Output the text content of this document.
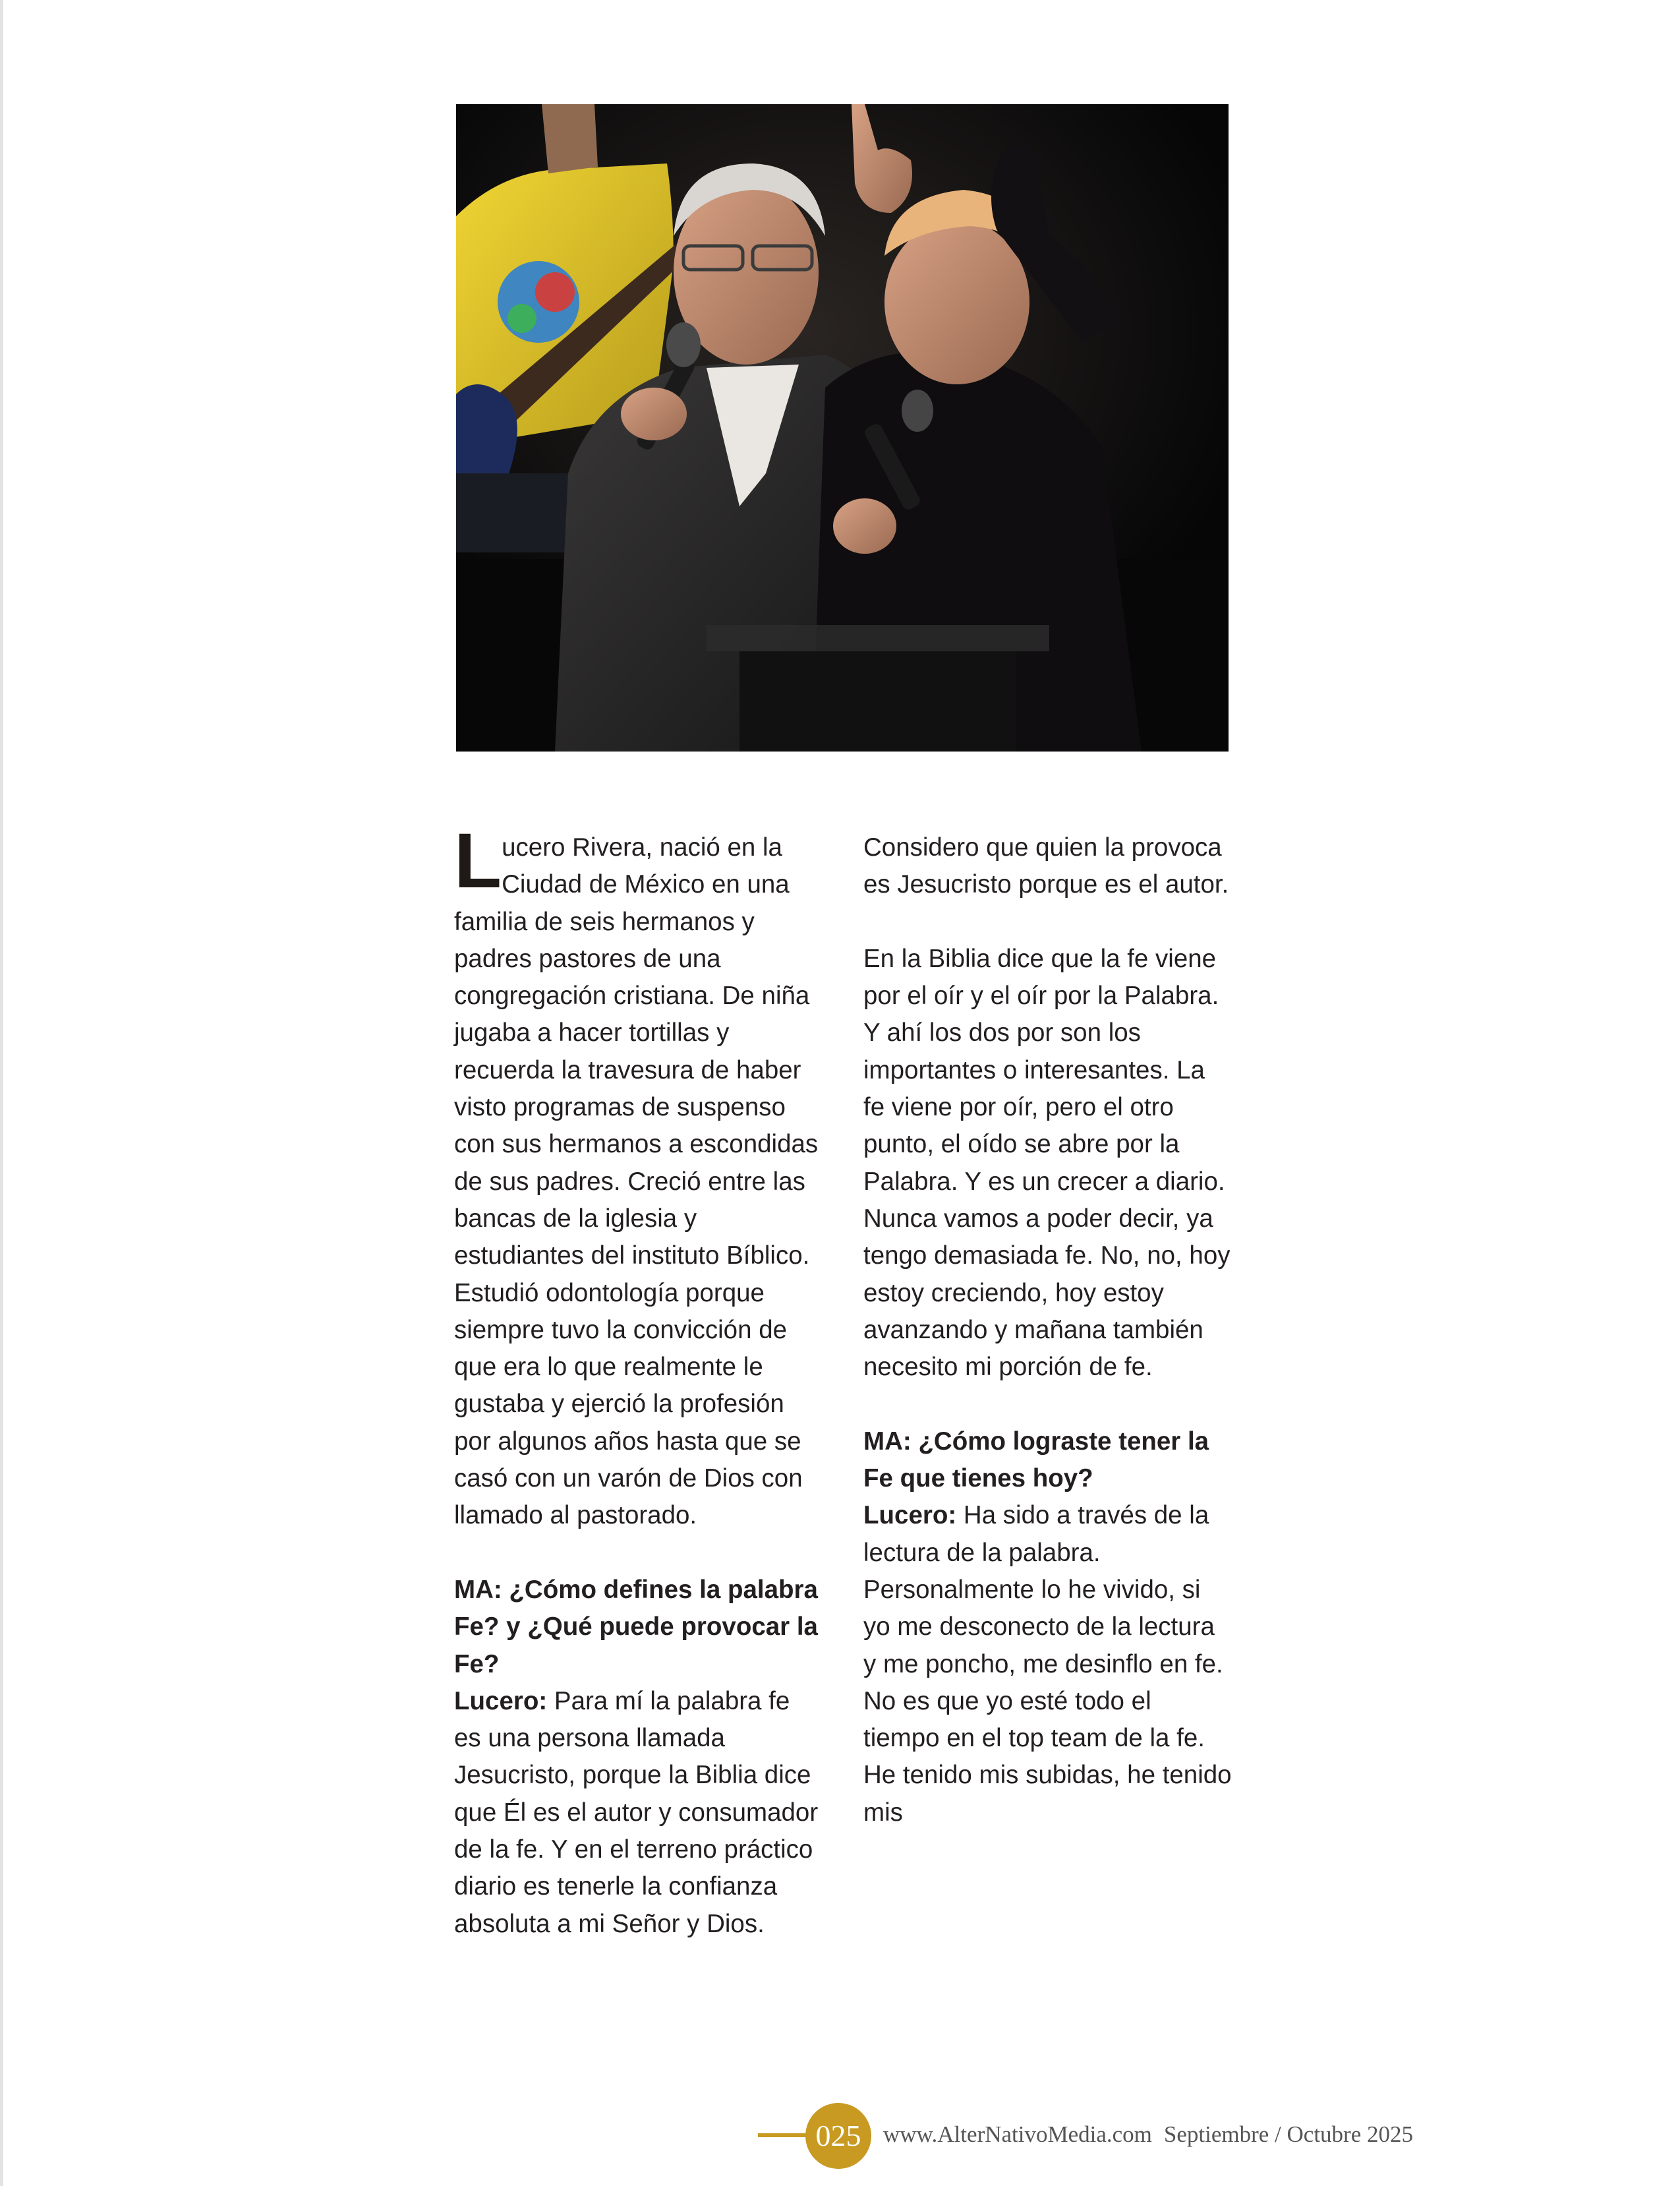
Lucero Rivera, nació en la Ciudad de México en una familia de seis hermanos y padres pastores de una congregación cristiana. De niña jugaba a hacer tortillas y recuerda la travesura de haber visto programas de suspenso con sus hermanos a escondidas de sus padres. Creció entre las bancas de la iglesia y estudiantes del instituto Bíblico. Estudió odontología porque siempre tuvo la convicción de que era lo que realmente le gustaba y ejerció la profesión por algunos años hasta que se casó con un varón de Dios con llamado al pastorado.

MA: ¿Cómo defines la palabra Fe? y ¿Qué puede provocar la Fe?

Lucero: Para mí la palabra fe es una persona llamada Jesucristo, porque la Biblia dice que Él es el autor y consumador de la fe. Y en el terreno práctico diario es tenerle la confianza absoluta a mi Señor y Dios.

Considero que quien la provoca es Jesucristo porque es el autor.

En la Biblia dice que la fe viene por el oír y el oír por la Palabra. Y ahí los dos por son los importantes o interesantes. La fe viene por oír, pero el otro punto, el oído se abre por la Palabra. Y es un crecer a diario. Nunca vamos a poder decir, ya tengo demasiada fe. No, no, hoy estoy creciendo, hoy estoy avanzando y mañana también necesito mi porción de fe.

MA: ¿Cómo lograste tener la Fe que tienes hoy?

Lucero: Ha sido a través de la lectura de la palabra. Personalmente lo he vivido, si yo me desconecto de la lectura y me poncho, me desinflo en fe. No es que yo esté todo el tiempo en el top team de la fe. He tenido mis subidas, he tenido mis

025 www.AlterNativoMedia.com Septiembre / Octubre 2025
